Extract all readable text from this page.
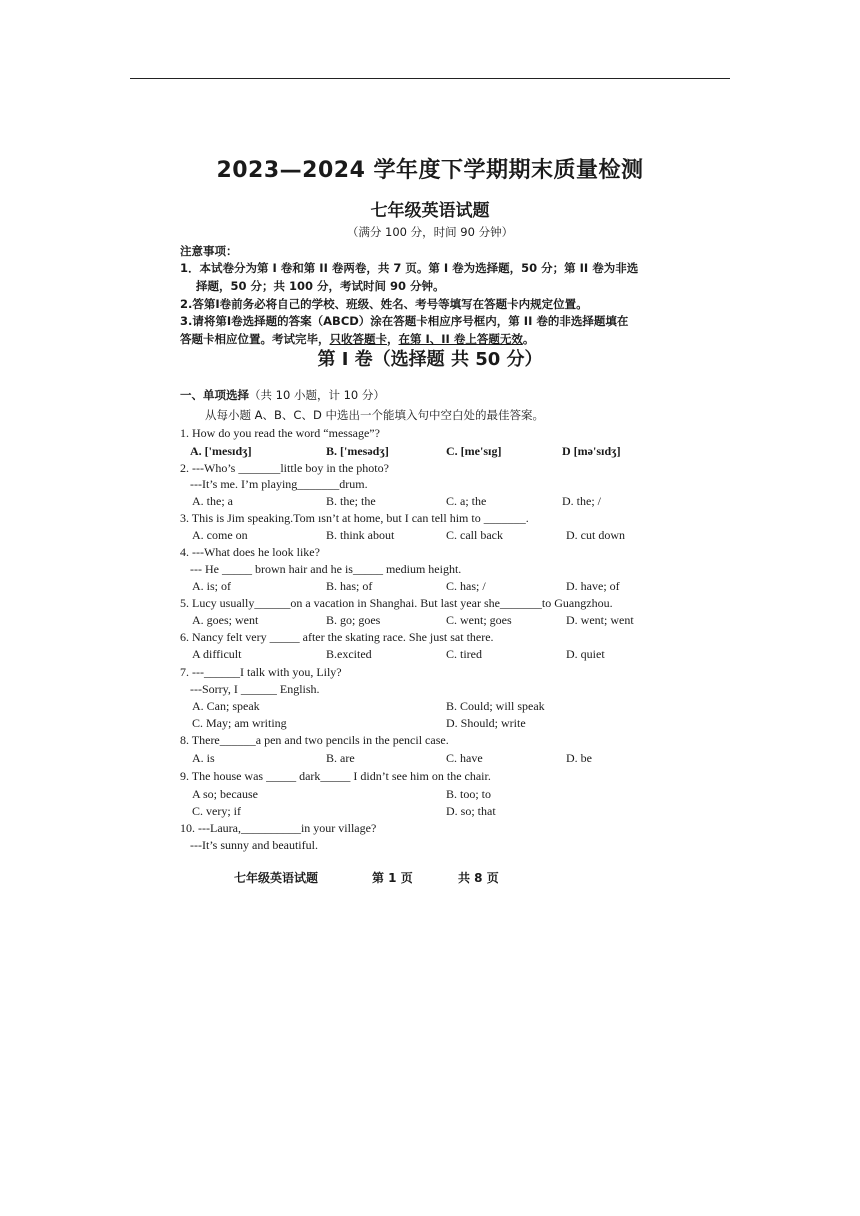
2023—2024 学年度下学期期末质量检测
七年级英语试题
（满分 100 分，时间 90 分钟）
注意事项：
1．本试卷分为第 I 卷和第 II 卷两卷，共 7 页。第 I 卷为选择题，50 分；第 II 卷为非选
择题，50 分；共 100 分，考试时间 90 分钟。
2.答第I卷前务必将自己的学校、班级、姓名、考号等填写在答题卡内规定位置。
3.请将第I卷选择题的答案（ABCD）涂在答题卡相应序号框内，第 II 卷的非选择题填在
答题卡相应位置。考试完毕，只收答题卡，在第 I、II 卷上答题无效。
第 I 卷（选择题 共 50 分）
一、单项选择（共 10 小题，计 10 分）
从每小题 A、B、C、D 中选出一个能填入句中空白处的最佳答案。
1. How do you read the word “message”?
A. ['mesɪdʒ]	B. ['mesədʒ]	C. [me'sɪg]	D [mə'sɪdʒ]
2. ---Who’s _______little boy in the photo?
---It’s me. I’m playing_______drum.
A. the; a	B. the; the	C. a; the	D. the; /
3. This is Jim speaking.Tom ısn’t at home, but I can tell him to _______.
A. come on	B. think about	C. call back	D. cut down
4. ---What does he look like?
--- He _____ brown hair and he is_____ medium height.
A. is; of	B. has; of	C. has; /	D. have; of
5. Lucy usually______on a vacation in Shanghai. But last year she_______to Guangzhou.
A. goes; went	B. go; goes	C. went; goes	D. went; went
6. Nancy felt very _____ after the skating race. She just sat there.
A difficult	B.excited	C. tired	D. quiet
7. ---______I talk with you, Lily?
---Sorry, I ______ English.
A. Can; speak	B. Could; will speak
C. May; am writing	D. Should; write
8. There______a pen and two pencils in the pencil case.
A. is	B. are	C. have	D. be
9. The house was _____ dark_____ I didn’t see him on the chair.
A so; because	B. too; to
C. very; if	D. so; that
10. ---Laura,__________in your village?
---It’s sunny and beautiful.
七年级英语试题	第 1 页	共 8 页
